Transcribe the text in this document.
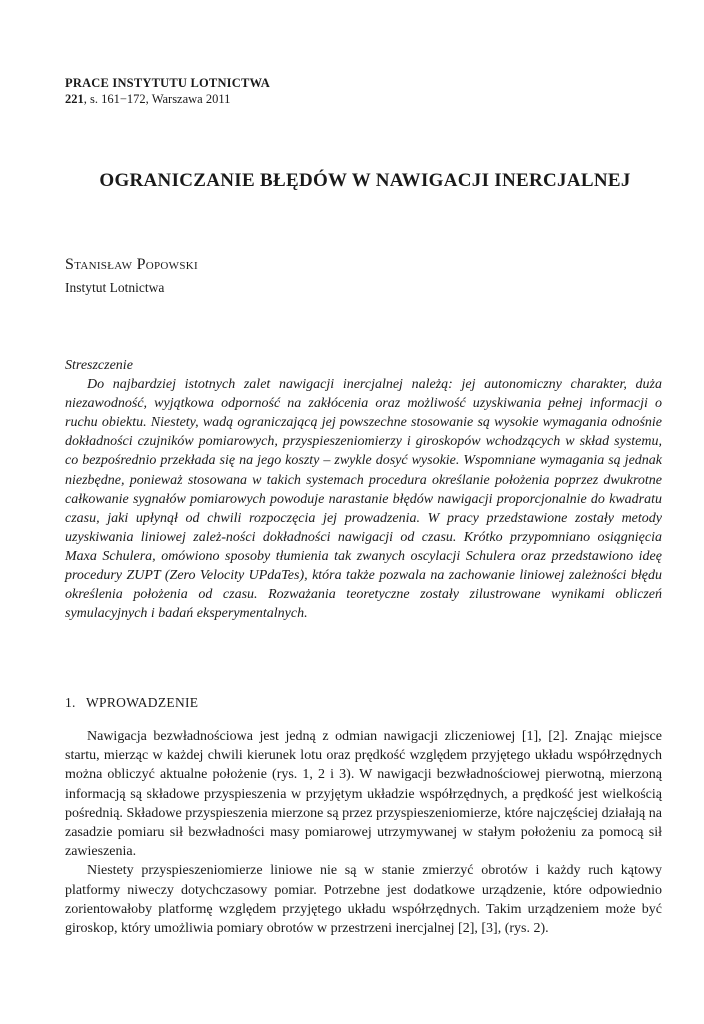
PRACE INSTYTUTU LOTNICTWA
221, s. 161−172, Warszawa 2011
OGRANICZANIE BŁĘDÓW W NAWIGACJI INERCJALNEJ
Stanisław Popowski
Instytut Lotnictwa
Streszczenie

Do najbardziej istotnych zalet nawigacji inercjalnej należą: jej autonomiczny charakter, duża niezawodność, wyjątkowa odporność na zakłócenia oraz możliwość uzyskiwania pełnej informacji o ruchu obiektu. Niestety, wadą ograniczającą jej powszechne stosowanie są wysokie wymagania odnośnie dokładności czujników pomiarowych, przyspieszeniomierzy i giroskopów wchodzących w skład systemu, co bezpośrednio przekłada się na jego koszty – zwykle dosyć wysokie. Wspomniane wymagania są jednak niezbędne, ponieważ stosowana w takich systemach procedura określanie położenia poprzez dwukrotne całkowanie sygnałów pomiarowych powoduje narastanie błędów nawigacji proporcjonalnie do kwadratu czasu, jaki upłynął od chwili rozpoczęcia jej prowadzenia. W pracy przedstawione zostały metody uzyskiwania liniowej zależ-ności dokładności nawigacji od czasu. Krótko przypomniano osiągnięcia Maxa Schulera, omówiono sposoby tłumienia tak zwanych oscylacji Schulera oraz przedstawiono ideę procedury ZUPT (Zero Velocity UPdaTes), która także pozwala na zachowanie liniowej zależności błędu określenia położenia od czasu. Rozważania teoretyczne zostały zilustrowane wynikami obliczeń symulacyjnych i badań eksperymentalnych.

1. WPROWADZENIE

Nawigacja bezwładnościowa jest jedną z odmian nawigacji zliczeniowej [1], [2]. Znając miejsce startu, mierząc w każdej chwili kierunek lotu oraz prędkość względem przyjętego układu współrzędnych można obliczyć aktualne położenie (rys. 1, 2 i 3). W nawigacji bezwładnościowej pierwotną, mierzoną informacją są składowe przyspieszenia w przyjętym układzie współrzędnych, a prędkość jest wielkością pośrednią. Składowe przyspieszenia mierzone są przez przyspieszeniomierze, które najczęściej działają na zasadzie pomiaru sił bezwładności masy pomiarowej utrzymywanej w stałym położeniu za pomocą sił zawieszenia.

Niestety przyspieszeniomierze liniowe nie są w stanie zmierzyć obrotów i każdy ruch kątowy platformy niweczy dotychczasowy pomiar. Potrzebne jest dodatkowe urządzenie, które odpowiednio zorientowałoby platformę względem przyjętego układu współrzędnych. Takim urządzeniem może być giroskop, który umożliwia pomiary obrotów w przestrzeni inercjalnej [2], [3], (rys. 2).
